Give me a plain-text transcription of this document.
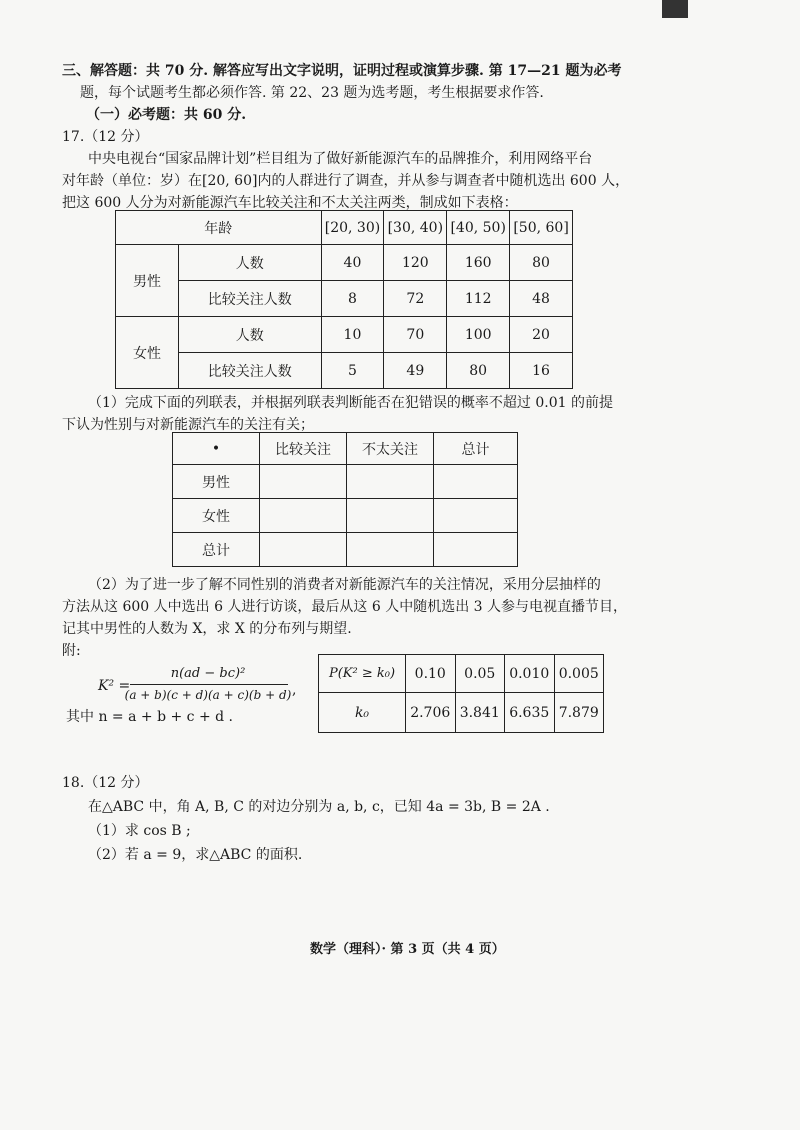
三、解答题：共 70 分. 解答应写出文字说明，证明过程或演算步骤. 第 17—21 题为必考
题，每个试题考生都必须作答. 第 22、23 题为选考题，考生根据要求作答.
（一）必考题：共 60 分.
17.（12 分）
中央电视台“国家品牌计划”栏目组为了做好新能源汽车的品牌推介，利用网络平台
对年龄（单位：岁）在[20, 60]内的人群进行了调查，并从参与调查者中随机选出 600 人，
把这 600 人分为对新能源汽车比较关注和不太关注两类，制成如下表格：
年龄		[20, 30)	[30, 40)	[40, 50)	[50, 60]
男性	人数	40	120	160	80
	比较关注人数	8	72	112	48
女性	人数	10	70	100	20
	比较关注人数	5	49	80	16
（1）完成下面的列联表，并根据列联表判断能否在犯错误的概率不超过 0.01 的前提
下认为性别与对新能源汽车的关注有关；
•	比较关注	不太关注	总计
男性			
女性			
总计			
（2）为了进一步了解不同性别的消费者对新能源汽车的关注情况，采用分层抽样的
方法从这 600 人中选出 6 人进行访谈，最后从这 6 人中随机选出 3 人参与电视直播节目，
记其中男性的人数为 X，求 X 的分布列与期望.
附:
K² =
n(ad − bc)²
(a + b)(c + d)(a + c)(b + d) ,
其中 n = a + b + c + d .
P(K² ≥ k₀)	0.10	0.05	0.010	0.005
k₀	2.706	3.841	6.635	7.879
18.（12 分）
在△ABC 中，角 A, B, C 的对边分别为 a, b, c，已知 4a = 3b, B = 2A .
（1）求 cos B ;
（2）若 a = 9，求△ABC 的面积.
数学（理科）· 第 3 页（共 4 页）
